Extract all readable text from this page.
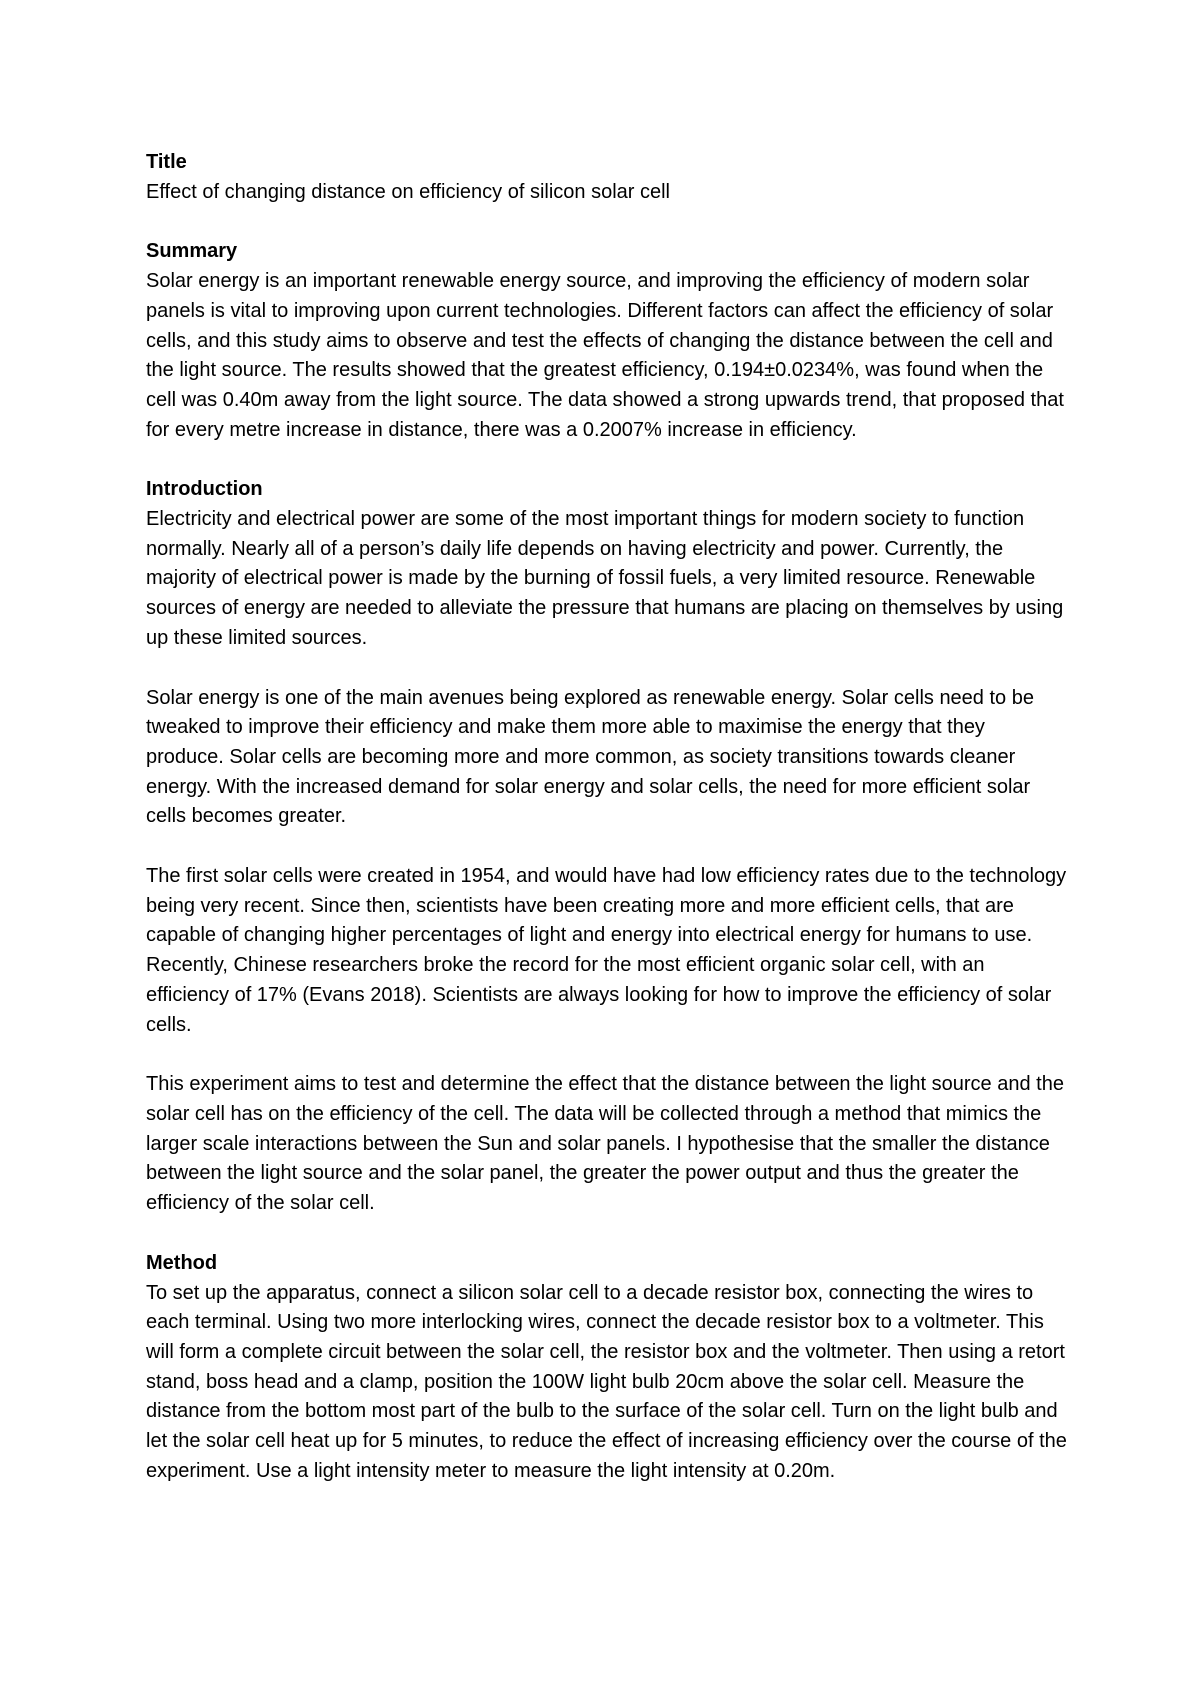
Title

Effect of changing distance on efficiency of silicon solar cell

Summary

Solar energy is an important renewable energy source, and improving the efficiency of modern solar panels is vital to improving upon current technologies. Different factors can affect the efficiency of solar cells, and this study aims to observe and test the effects of changing the distance between the cell and the light source. The results showed that the greatest efficiency, 0.194±0.0234%, was found when the cell was 0.40m away from the light source. The data showed a strong upwards trend, that proposed that for every metre increase in distance, there was a 0.2007% increase in efficiency.

Introduction

Electricity and electrical power are some of the most important things for modern society to function normally. Nearly all of a person’s daily life depends on having electricity and power. Currently, the majority of electrical power is made by the burning of fossil fuels, a very limited resource. Renewable sources of energy are needed to alleviate the pressure that humans are placing on themselves by using up these limited sources.

Solar energy is one of the main avenues being explored as renewable energy. Solar cells need to be tweaked to improve their efficiency and make them more able to maximise the energy that they produce. Solar cells are becoming more and more common, as society transitions towards cleaner energy. With the increased demand for solar energy and solar cells, the need for more efficient solar cells becomes greater.

The first solar cells were created in 1954, and would have had low efficiency rates due to the technology being very recent. Since then, scientists have been creating more and more efficient cells, that are capable of changing higher percentages of light and energy into electrical energy for humans to use. Recently, Chinese researchers broke the record for the most efficient organic solar cell, with an efficiency of 17% (Evans 2018). Scientists are always looking for how to improve the efficiency of solar cells.

This experiment aims to test and determine the effect that the distance between the light source and the solar cell has on the efficiency of the cell. The data will be collected through a method that mimics the larger scale interactions between the Sun and solar panels. I hypothesise that the smaller the distance between the light source and the solar panel, the greater the power output and thus the greater the efficiency of the solar cell.

Method

To set up the apparatus, connect a silicon solar cell to a decade resistor box, connecting the wires to each terminal. Using two more interlocking wires, connect the decade resistor box to a voltmeter. This will form a complete circuit between the solar cell, the resistor box and the voltmeter. Then using a retort stand, boss head and a clamp, position the 100W light bulb 20cm above the solar cell. Measure the distance from the bottom most part of the bulb to the surface of the solar cell. Turn on the light bulb and let the solar cell heat up for 5 minutes, to reduce the effect of increasing efficiency over the course of the experiment. Use a light intensity meter to measure the light intensity at 0.20m.
